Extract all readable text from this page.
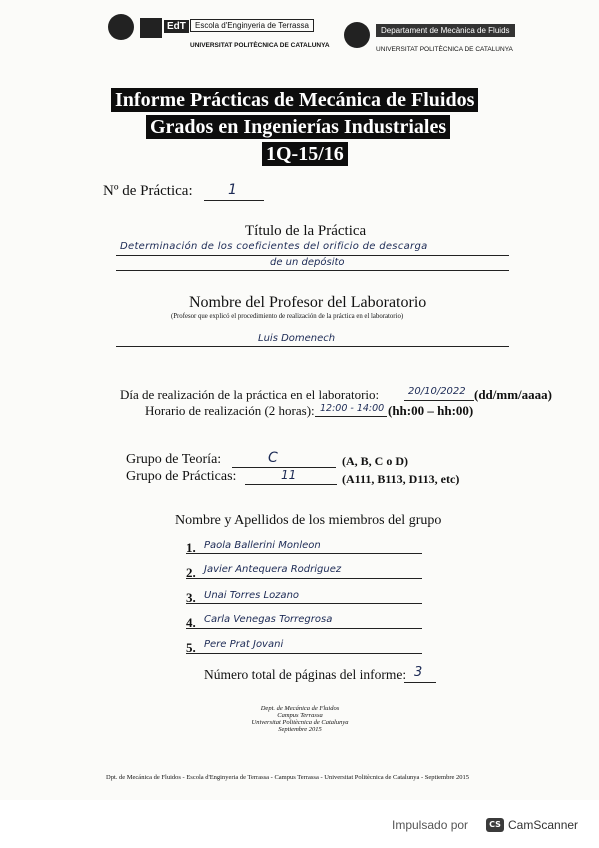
EdT	Escola d'Enginyeria de Terrassa
UNIVERSITAT POLITÈCNICA DE CATALUNYA
Departament de Mecànica de Fluids
UNIVERSITAT POLITÈCNICA DE CATALUNYA
Informe Prácticas de Mecánica de Fluidos
Grados en Ingenierías Industriales
1Q-15/16
Nº de Práctica:	1
Título de la Práctica
Determinación de los coeficientes del orificio de descarga
de un depósito
Nombre del Profesor del Laboratorio
(Profesor que explicó el procedimiento de realización de la práctica en el laboratorio)
Luis Domenech
Día de realización de la práctica en el laboratorio:	20/10/2022 (dd/mm/aaaa)
Horario de realización (2 horas): 12:00 - 14:00 (hh:00 – hh:00)
Grupo de Teoría:	C	(A, B, C o D)
Grupo de Prácticas:	11	(A111, B113, D113, etc)
Nombre y Apellidos de los miembros del grupo
1. Paola Ballerini Monleon
2. Javier Antequera Rodriguez
3. Unai Torres Lozano
4. Carla Venegas Torregrosa
5. Pere Prat Jovani
Número total de páginas del informe: 3
Dept. de Mecánica de Fluidos
Campus Terrassa
Universitat Politècnica de Catalunya
Septiembre 2015
Dpt. de Mecánica de Fluidos - Escola d'Enginyeria de Terrassa - Campus Terrassa - Universitat Politècnica de Catalunya - Septiembre 2015
Impulsado por	CS CamScanner
